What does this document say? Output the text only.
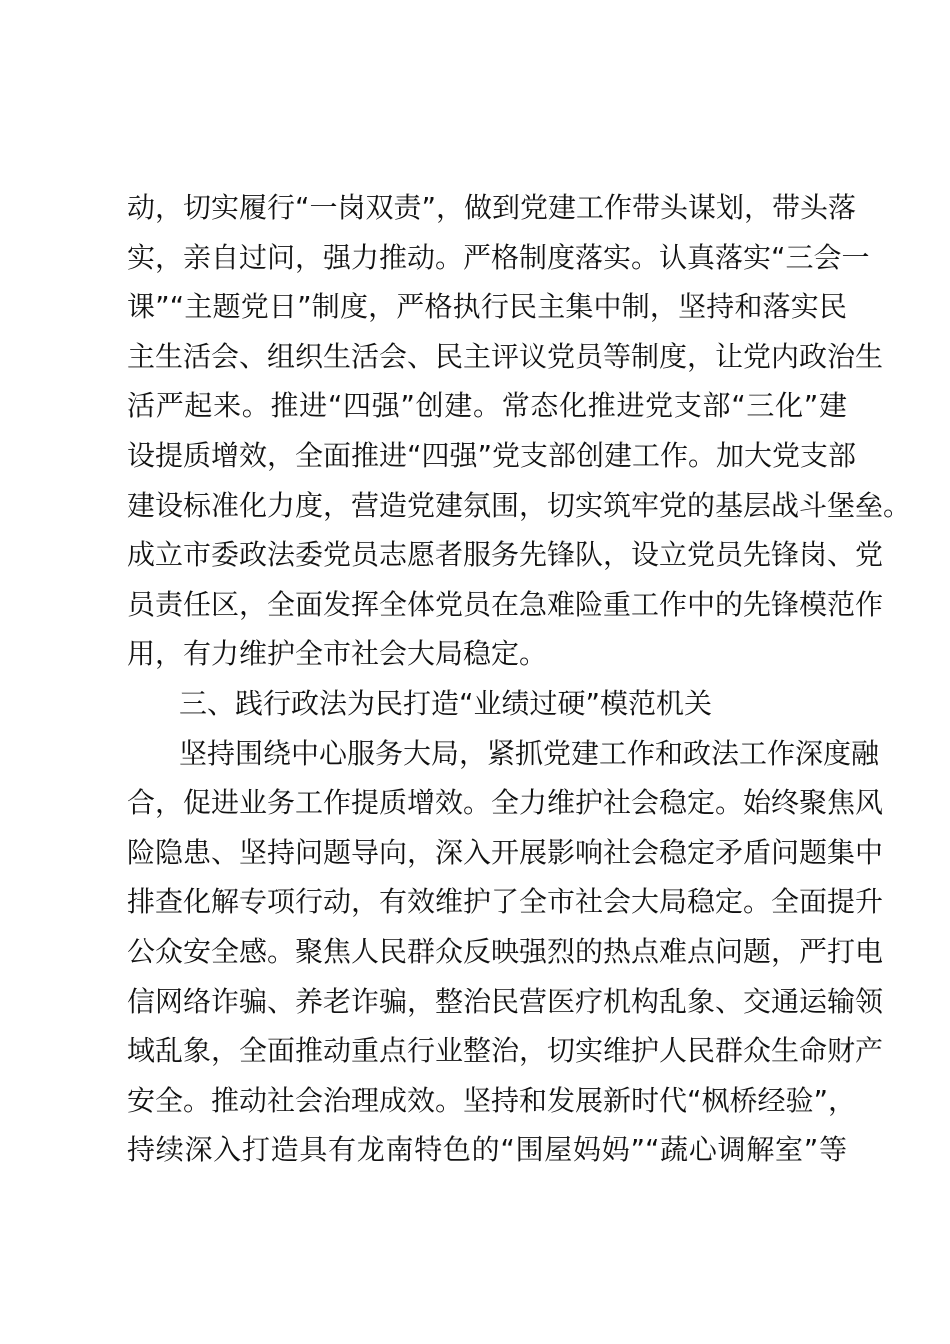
动，切实履行“一岗双责”，做到党建工作带头谋划，带头落
实，亲自过问，强力推动。严格制度落实。认真落实“三会一
课”“主题党日”制度，严格执行民主集中制，坚持和落实民
主生活会、组织生活会、民主评议党员等制度，让党内政治生
活严起来。推进“四强”创建。常态化推进党支部“三化”建
设提质增效，全面推进“四强”党支部创建工作。加大党支部
建设标准化力度，营造党建氛围，切实筑牢党的基层战斗堡垒。
成立市委政法委党员志愿者服务先锋队，设立党员先锋岗、党
员责任区，全面发挥全体党员在急难险重工作中的先锋模范作
用，有力维护全市社会大局稳定。
三、践行政法为民打造“业绩过硬”模范机关
坚持围绕中心服务大局，紧抓党建工作和政法工作深度融
合，促进业务工作提质增效。全力维护社会稳定。始终聚焦风
险隐患、坚持问题导向，深入开展影响社会稳定矛盾问题集中
排查化解专项行动，有效维护了全市社会大局稳定。全面提升
公众安全感。聚焦人民群众反映强烈的热点难点问题，严打电
信网络诈骗、养老诈骗，整治民营医疗机构乱象、交通运输领
域乱象，全面推动重点行业整治，切实维护人民群众生命财产
安全。推动社会治理成效。坚持和发展新时代“枫桥经验”，
持续深入打造具有龙南特色的“围屋妈妈”“蔬心调解室”等
